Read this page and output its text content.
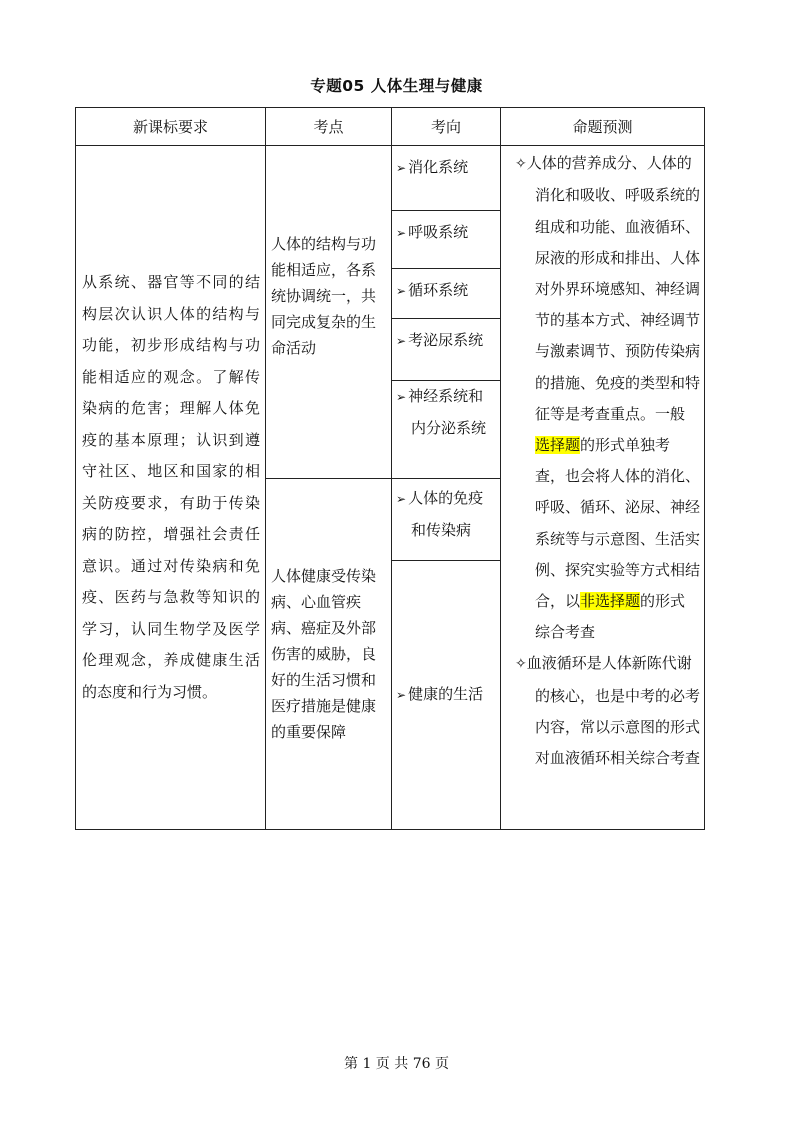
专题05 人体生理与健康
新课标要求	考点	考向	命题预测
从系统、器官等不同的结构层次认识人体的结构与功能，初步形成结构与功能相适应的观念。了解传染病的危害；理解人体免疫的基本原理；认识到遵守社区、地区和国家的相关防疫要求，有助于传染病的防控，增强社会责任意识。通过对传染病和免疫、医药与急救等知识的学习，认同生物学及医学伦理观念，养成健康生活的态度和行为习惯。	人体的结构与功能相适应，各系统协调统一，共同完成复杂的生命活动	➢ 消化系统	✧人体的营养成分、人体的消化和吸收、呼吸系统的组成和功能、血液循环、尿液的形成和排出、人体对外界环境感知、神经调节的基本方式、神经调节与激素调节、预防传染病的措施、免疫的类型和特征等是考查重点。一般选择题的形式单独考查，也会将人体的消化、呼吸、循环、泌尿、神经系统等与示意图、生活实例、探究实验等方式相结合，以非选择题的形式综合考查
✧血液循环是人体新陈代谢的核心，也是中考的必考内容，常以示意图的形式对血液循环相关综合考查

		➢ 呼吸系统	
		➢ 循环系统	
		➢ 考泌尿系统	

		➢ 神经系统和内分泌系统	

	人体健康受传染病、心血管疾病、癌症及外部伤害的威胁，良好的生活习惯和医疗措施是健康的重要保障	➢ 人体的免疫和传染病	

		➢ 健康的生活	
第 1 页 共 76 页
